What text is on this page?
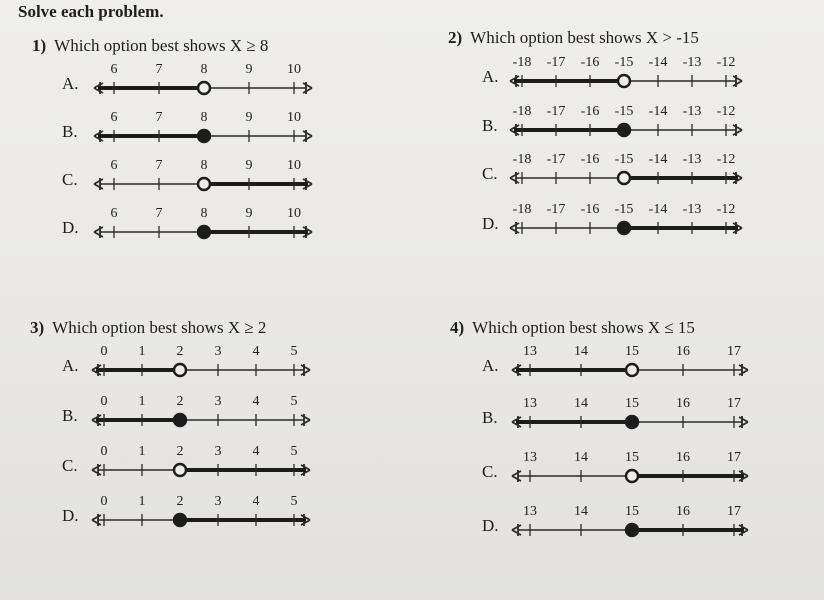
Solve each problem.
1) Which option best shows X ≥ 8
A.
6	7	8	9 10
B.
6	7	8	9 10
C.
6	7	8	9 10
D.
6	7	8	9 10
2) Which option best shows X > -15
A.
-18 -17 -16 -15 -14 -13 -12
B.
-18 -17 -16 -15 -14 -13 -12
C.
-18 -17 -16 -15 -14 -13 -12
D.
-18 -17 -16 -15 -14 -13 -12
3) Which option best shows X ≥ 2
A.
0 1 2 3 4 5
B.
0 1 2 3 4 5
C.
0 1 2 3 4 5
D.
0 1 2 3 4 5
4) Which option best shows X ≤ 15
A.
13	14	15	16	17
B.
13	14	15	16	17
C.
13	14	15	16	17
D.
13	14	15	16	17
